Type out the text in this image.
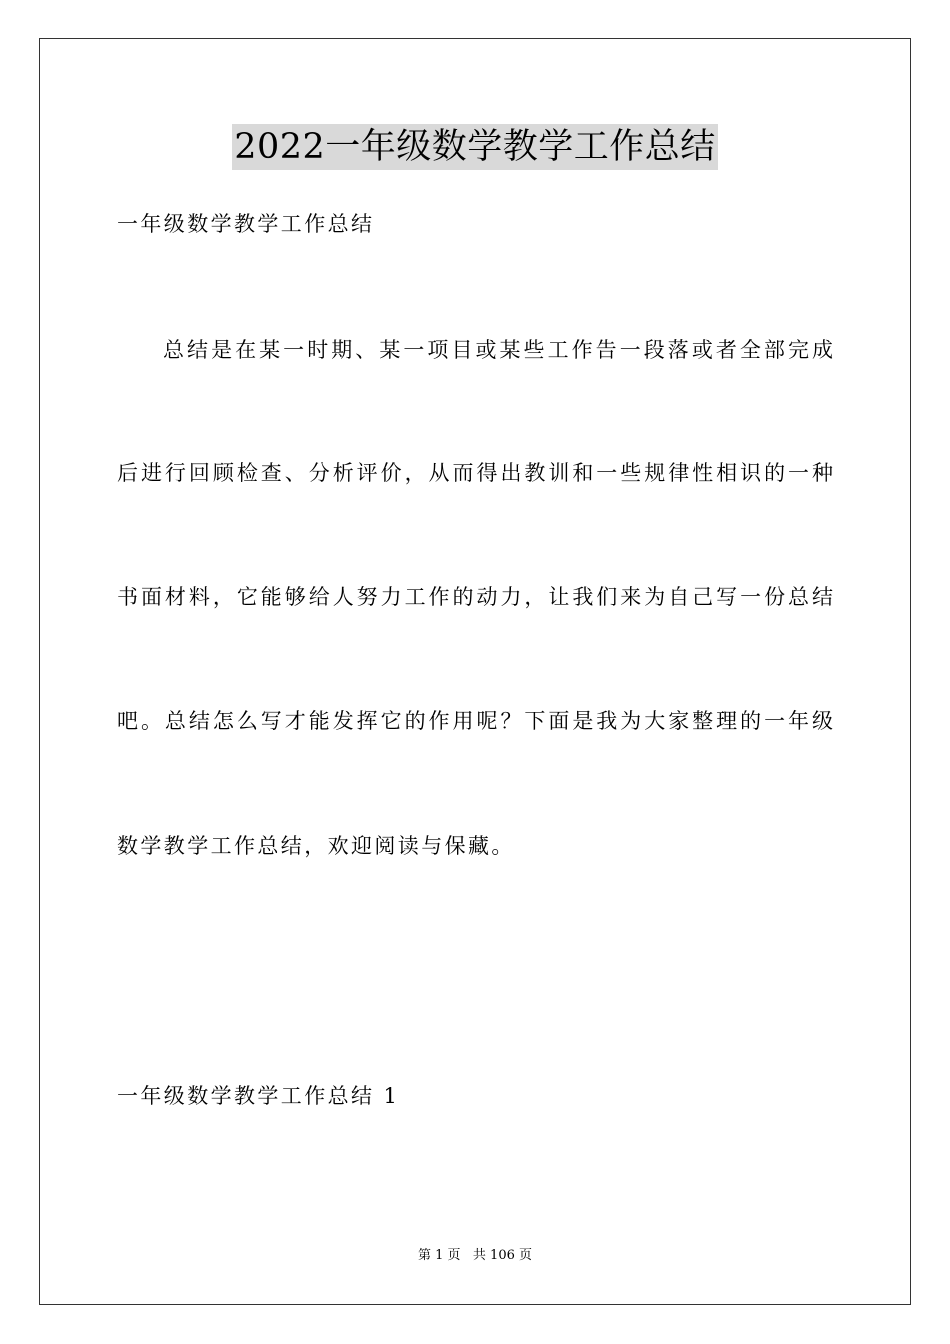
2022一年级数学教学工作总结
一年级数学教学工作总结
总结是在某一时期、某一项目或某些工作告一段落或者全部完成
后进行回顾检查、分析评价，从而得出教训和一些规律性相识的一种
书面材料，它能够给人努力工作的动力，让我们来为自己写一份总结
吧。总结怎么写才能发挥它的作用呢？下面是我为大家整理的一年级
数学教学工作总结，欢迎阅读与保藏。
一年级数学教学工作总结 1
第 1 页   共 106 页
